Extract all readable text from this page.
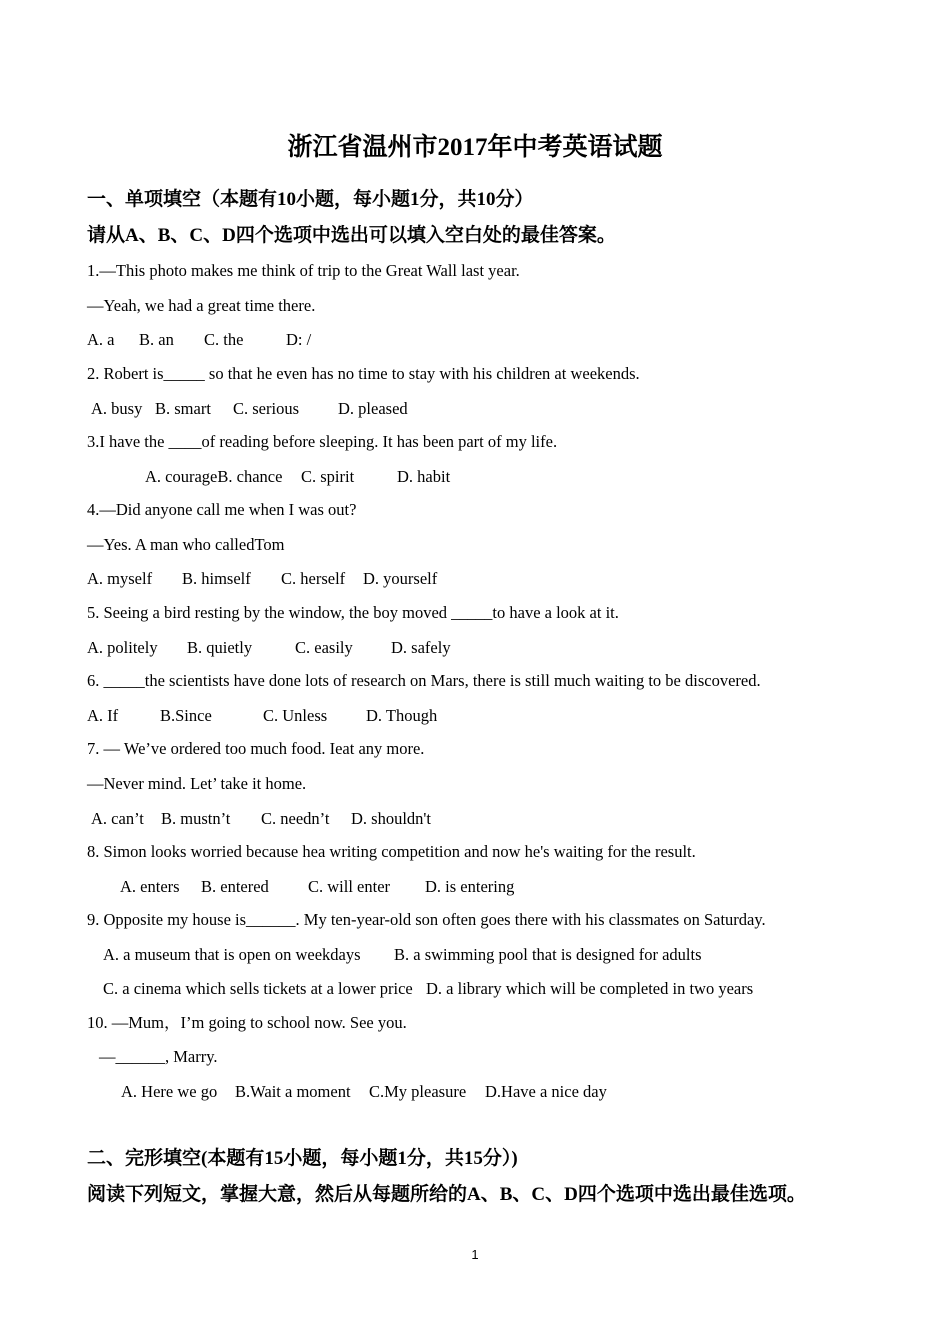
浙江省温州市2017年中考英语试题
一、单项填空（本题有10小题，每小题1分，共10分）
请从A、B、C、D四个选项中选出可以填入空白处的最佳答案。
1.—This photo makes me think of trip to the Great Wall last year.
—Yeah, we had a great time there.
A. a B. an C. the	D: /
2. Robert is_____ so that he even has no time to stay with his children at weekends.
A. busy B. smart C. serious D. pleased
3.I have the ____of reading before sleeping. It has been part of my life.
A. courageB. chance C. spirit	D. habit
4.—Did anyone call me when I was out?
—Yes. A man who calledTom
A. myself B. himself C. herself D. yourself
5. Seeing a bird resting by the window, the boy moved _____to have a look at it.
A. politely B. quietly	C. easily D. safely
6. _____the scientists have done lots of research on Mars, there is still much waiting to be discovered.
A. If	B.Since	C. Unless D. Though
7. — We’ve ordered too much food. Ieat any more.
—Never mind. Let’ take it home.
A. can’t B. mustn’t C. needn’t D. shouldn't
8. Simon looks worried because hea writing competition and now he's waiting for the result.
A. enters B. entered C. will enter D. is entering
9. Opposite my house is______. My ten-year-old son often goes there with his classmates on Saturday.
A. a museum that is open on weekdays B. a swimming pool that is designed for adults
C. a cinema which sells tickets at a lower price D. a library which will be completed in two years
10. —Mum，I’m going to school now. See you.
—______, Marry.
A. Here we go B.Wait a moment C.My pleasure D.Have a nice day
二、完形填空(本题有15小题，每小题1分，共15分）)
阅读下列短文，掌握大意，然后从每题所给的A、B、C、D四个选项中选出最佳选项。
1
